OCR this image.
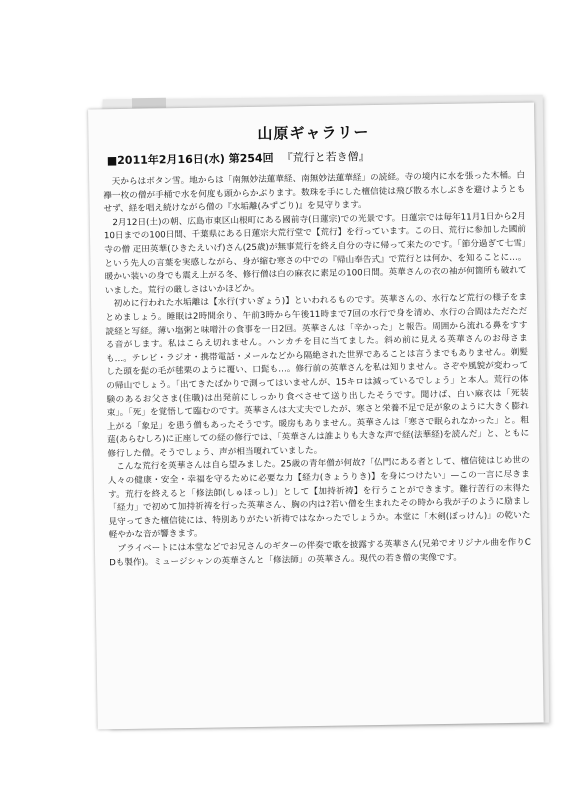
山原ギャラリー
■2011年2月16日(水) 第254回 『荒行と若き僧』

天からはボタン雪。地からは「南無妙法蓮華経、南無妙法蓮華経」の読経。寺の境内に水を張った木桶。白襷一枚の僧が手桶で水を何度も頭からかぶります。数珠を手にした檀信徒は飛び散る水しぶきを避けようともせず、経を唱え続けながら僧の『水垢離(みずごり)』を見守ります。

2月12日(土)の朝、広島市東区山根町にある國前寺(日蓮宗)での光景です。日蓮宗では毎年11月1日から2月10日までの100日間、千葉県にある日蓮宗大荒行堂で【荒行】を行っています。この日、荒行に参加した國前寺の僧 疋田英華(ひきたえいげ)さん(25歳)が無事荒行を終え自分の寺に帰って来たのです。「節分過ぎて七雪」という先人の言葉を実感しながら、身が縮む寒さの中での『帰山奉告式』で荒行とは何か、を知ることに…。暖かい装いの身でも震え上がる冬、修行僧は白の麻衣に素足の100日間。英華さんの衣の袖が何箇所も破れていました。荒行の厳しさはいかほどか。

初めに行われた水垢離は【水行(すいぎょう)】といわれるものです。英華さんの、水行など荒行の様子をまとめましょう。睡眠は2時間余り、午前3時から午後11時まで7回の水行で身を清め、水行の合間はただただ読経と写経。薄い塩粥と味噌汁の食事を一日2回。英華さんは「辛かった」と報告。周囲から流れる鼻をすする音がします。私はこらえ切れません。ハンカチを目に当てました。斜め前に見える英華さんのお母さまも…。テレビ・ラジオ・携帯電話・メールなどから隔絶された世界であることは言うまでもありません。剃髪した頭を髭の毛が毬栗のように覆い、口髭も…。修行前の英華さんを私は知りません。さぞや風貌が変わっての帰山でしょう。「出てきたばかりで測ってはいませんが、15キロは減っているでしょう」と本人。荒行の体験のあるお父さま(住職)は出発前にしっかり食べさせて送り出したそうです。聞けば、白い麻衣は「死装束」。「死」を覚悟して臨むのです。英華さんは大丈夫でしたが、寒さと栄養不足で足が象のように大きく膨れ上がる「象足」を患う僧もあったそうです。暖房もありません。英華さんは「寒さで眠られなかった」と。粗莚(あらむしろ)に正座しての経の修行では、「英華さんは誰よりも大きな声で経(法華経)を読んだ」と、ともに修行した僧。そうでしょう、声が相当嗄れていました。

こんな荒行を英華さんは自ら望みました。25歳の青年僧が何故?「仏門にある者として、檀信徒はじめ世の人々の健康・安全・幸福を守るために必要な力【経力(きょうりき)】を身につけたい」—この一言に尽きます。荒行を終えると「修法師(しゅほっし)」として【加持祈祷】を行うことができます。難行苦行の末得た「経力」で初めて加持祈祷を行った英華さん、胸の内は?若い僧を生まれたその時から我が子のように励まし見守ってきた檀信徒には、特別ありがたい祈祷ではなかったでしょうか。本堂に「木剣(ぼっけん)」の乾いた軽やかな音が響きます。

プライベートには本堂などでお兄さんのギターの伴奏で歌を披露する英華さん(兄弟でオリジナル曲を作りCDも製作)。ミュージシャンの英華さんと「修法師」の英華さん。現代の若き僧の実像です。
